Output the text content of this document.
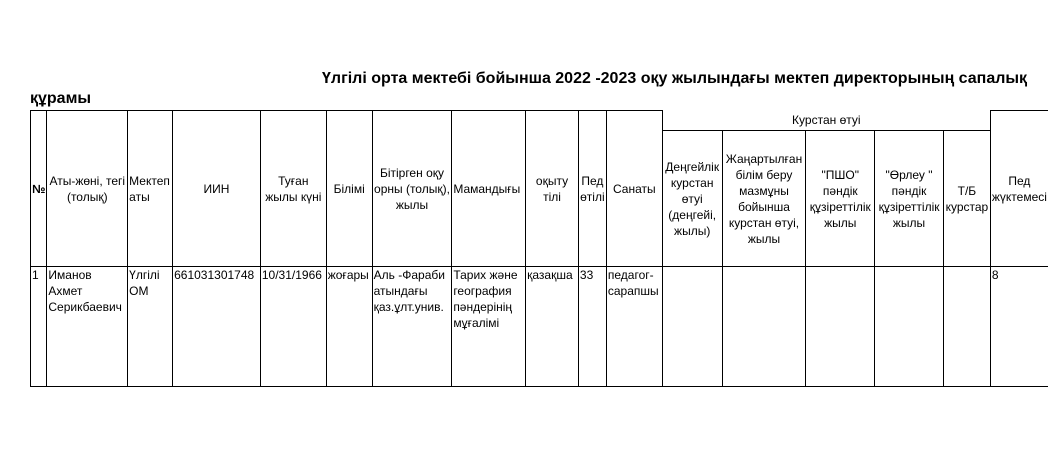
Үлгілі орта мектебі бойынша 2022 -2023 оқу жылындағы мектеп директорының сапалық
құрамы
№	Аты-жөні, тегі (толық)	Мектеп аты	ИИН	Туған жылы күні	Білімі	Бітірген оқу орны (толық), жылы	Мамандығы	оқыту тілі	Пед өтілі	Санаты	Курстан өтуі					Пед жүктемесі
											Деңгейлік курстан өтуі (деңгейі, жылы)	Жаңартылған білім беру мазмұны бойынша курстан өтуі, жылы	"ПШО" пәндік құзіреттілік жылы	"Өрлеу " пәндік құзіреттілік жылы	Т/Б курстар	
1	Иманов Ахмет Серикбаевич	Үлгілі ОМ	661031301748	10/31/1966	жоғары	Аль -Фараби атындағы қаз.ұлт.унив.	Тарих және география пәндерінің мұғалімі	қазақша	33	педагог-сарапшы						8
